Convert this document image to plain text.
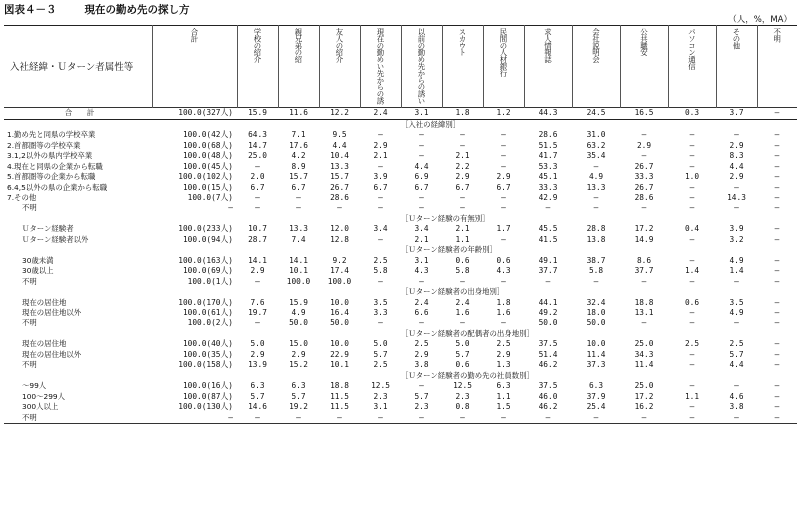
図表４－３	現在の勤め先の探し方
（人，%，MA）
入社経緯・Ｕターン者属性等	合計	学校の紹介	親兄弟の紹	友人の紹介	現在の勤めい先からの誘	以前の勤め先からの誘い	スカウト	民間の人材銀行	求人情報誌	会社説明会	公共職安	パソコン通信	その他	不明
合　　計	100.0(327人)	15.9	11.6	12.2	2.4	3.1	1.8	1.2	44.3	24.5	16.5	0.3	3.7	–
						［入社の経緯別］								
1.勤め先と同県の学校卒業	100.0(42人)	64.3	7.1	9.5	–	–	–	–	28.6	31.0	–	–	–	–
2.首都圏等の学校卒業	100.0(68人)	14.7	17.6	4.4	2.9	–	–	–	51.5	63.2	2.9	–	2.9	–
3.1,2以外の県内学校卒業	100.0(48人)	25.0	4.2	10.4	2.1	–	2.1	–	41.7	35.4	–	–	8.3	–
4.現在と同県の企業から転職	100.0(45人)	–	8.9	13.3	–	4.4	2.2	–	53.3	–	26.7	–	4.4	–
5.首都圏等の企業から転職	100.0(102人)	2.0	15.7	15.7	3.9	6.9	2.9	2.9	45.1	4.9	33.3	1.0	2.9	–
6.4,5以外の県の企業から転職	100.0(15人)	6.7	6.7	26.7	6.7	6.7	6.7	6.7	33.3	13.3	26.7	–	–	–
7.その他	100.0(7人)	–	–	28.6	–	–	–	–	42.9	–	28.6	–	14.3	–
不明	–	–	–	–	–	–	–	–	–	–	–	–	–	–
						［Ｕターン経験の有無別］								
Ｕターン経験者	100.0(233人)	10.7	13.3	12.0	3.4	3.4	2.1	1.7	45.5	28.8	17.2	0.4	3.9	–
Ｕターン経験者以外	100.0(94人)	28.7	7.4	12.8	–	2.1	1.1	–	41.5	13.8	14.9	–	3.2	–
						［Ｕターン経験者の年齢別］								
30歳未満	100.0(163人)	14.1	14.1	9.2	2.5	3.1	0.6	0.6	49.1	38.7	8.6	–	4.9	–
30歳以上	100.0(69人)	2.9	10.1	17.4	5.8	4.3	5.8	4.3	37.7	5.8	37.7	1.4	1.4	–
不明	100.0(1人)	–	100.0	100.0	–	–	–	–	–	–	–	–	–	–
						［Ｕターン経験者の出身地別］								
現在の居住地	100.0(170人)	7.6	15.9	10.0	3.5	2.4	2.4	1.8	44.1	32.4	18.8	0.6	3.5	–
現在の居住地以外	100.0(61人)	19.7	4.9	16.4	3.3	6.6	1.6	1.6	49.2	18.0	13.1	–	4.9	–
不明	100.0(2人)	–	50.0	50.0	–	–	–	–	50.0	50.0	–	–	–	–
						［Ｕターン経験者の配偶者の出身地別］								
現在の居住地	100.0(40人)	5.0	15.0	10.0	5.0	2.5	5.0	2.5	37.5	10.0	25.0	2.5	2.5	–
現在の居住地以外	100.0(35人)	2.9	2.9	22.9	5.7	2.9	5.7	2.9	51.4	11.4	34.3	–	5.7	–
不明	100.0(158人)	13.9	15.2	10.1	2.5	3.8	0.6	1.3	46.2	37.3	11.4	–	4.4	–
						［Ｕターン経験者の勤め先の社員数別］								
～99人	100.0(16人)	6.3	6.3	18.8	12.5	–	12.5	6.3	37.5	6.3	25.0	–	–	–
100～299人	100.0(87人)	5.7	5.7	11.5	2.3	5.7	2.3	1.1	46.0	37.9	17.2	1.1	4.6	–
300人以上	100.0(130人)	14.6	19.2	11.5	3.1	2.3	0.8	1.5	46.2	25.4	16.2	–	3.8	–
不明	–	–	–	–	–	–	–	–	–	–	–	–	–	–
